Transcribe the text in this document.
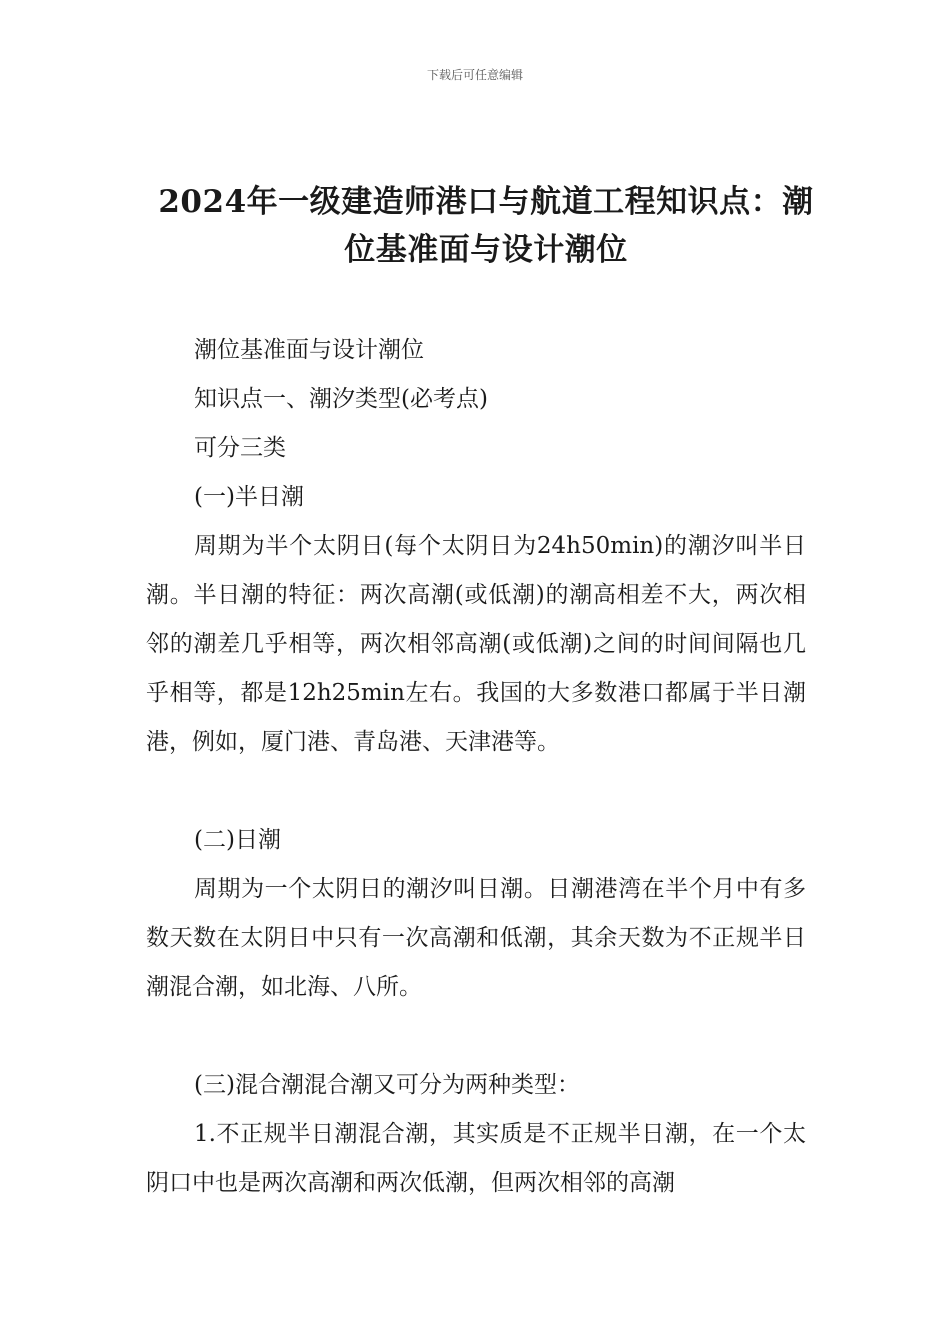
下载后可任意编辑
2024年一级建造师港口与航道工程知识点：潮位基准面与设计潮位

潮位基准面与设计潮位

知识点一、潮汐类型(必考点)

可分三类

(一)半日潮

周期为半个太阴日(每个太阴日为24h50min)的潮汐叫半日潮。半日潮的特征：两次高潮(或低潮)的潮高相差不大，两次相邻的潮差几乎相等，两次相邻高潮(或低潮)之间的时间间隔也几乎相等，都是12h25min左右。我国的大多数港口都属于半日潮港，例如，厦门港、青岛港、天津港等。

(二)日潮

周期为一个太阴日的潮汐叫日潮。日潮港湾在半个月中有多数天数在太阴日中只有一次高潮和低潮，其余天数为不正规半日潮混合潮，如北海、八所。

(三)混合潮混合潮又可分为两种类型：

1.不正规半日潮混合潮，其实质是不正规半日潮，在一个太阴口中也是两次高潮和两次低潮，但两次相邻的高潮
